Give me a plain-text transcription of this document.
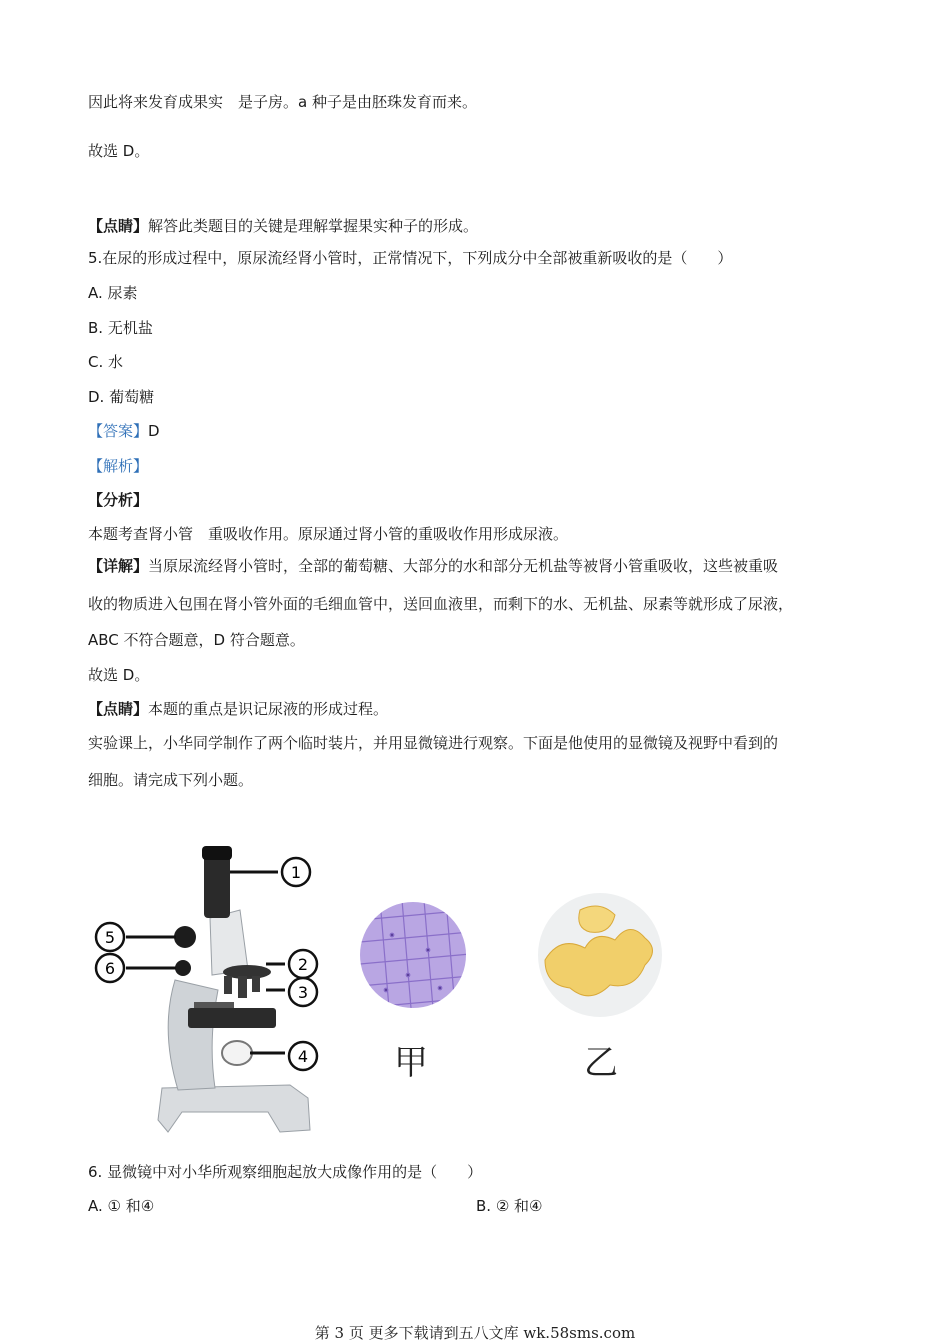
因此将来发育成果实　是子房。a 种子是由胚珠发育而来。
故选 D。
【点睛】解答此类题目的关键是理解掌握果实种子的形成。
5.在尿的形成过程中，原尿流经肾小管时，正常情况下，下列成分中全部被重新吸收的是（　　）
A. 尿素
B. 无机盐
C. 水
D. 葡萄糖
【答案】D
【解析】
【分析】
本题考查肾小管　重吸收作用。原尿通过肾小管的重吸收作用形成尿液。
【详解】当原尿流经肾小管时，全部的葡萄糖、大部分的水和部分无机盐等被肾小管重吸收，这些被重吸
收的物质进入包围在肾小管外面的毛细血管中，送回血液里，而剩下的水、无机盐、尿素等就形成了尿液，
ABC 不符合题意，D 符合题意。
故选 D。
【点睛】本题的重点是识记尿液的形成过程。
实验课上，小华同学制作了两个临时装片，并用显微镜进行观察。下面是他使用的显微镜及视野中看到的
细胞。请完成下列小题。
1
2
3
4
5
6
甲	乙
6. 显微镜中对小华所观察细胞起放大成像作用的是（　　）
A. ① 和④	B. ② 和④
第 3 页 更多下载请到五八文库 wk.58sms.com
